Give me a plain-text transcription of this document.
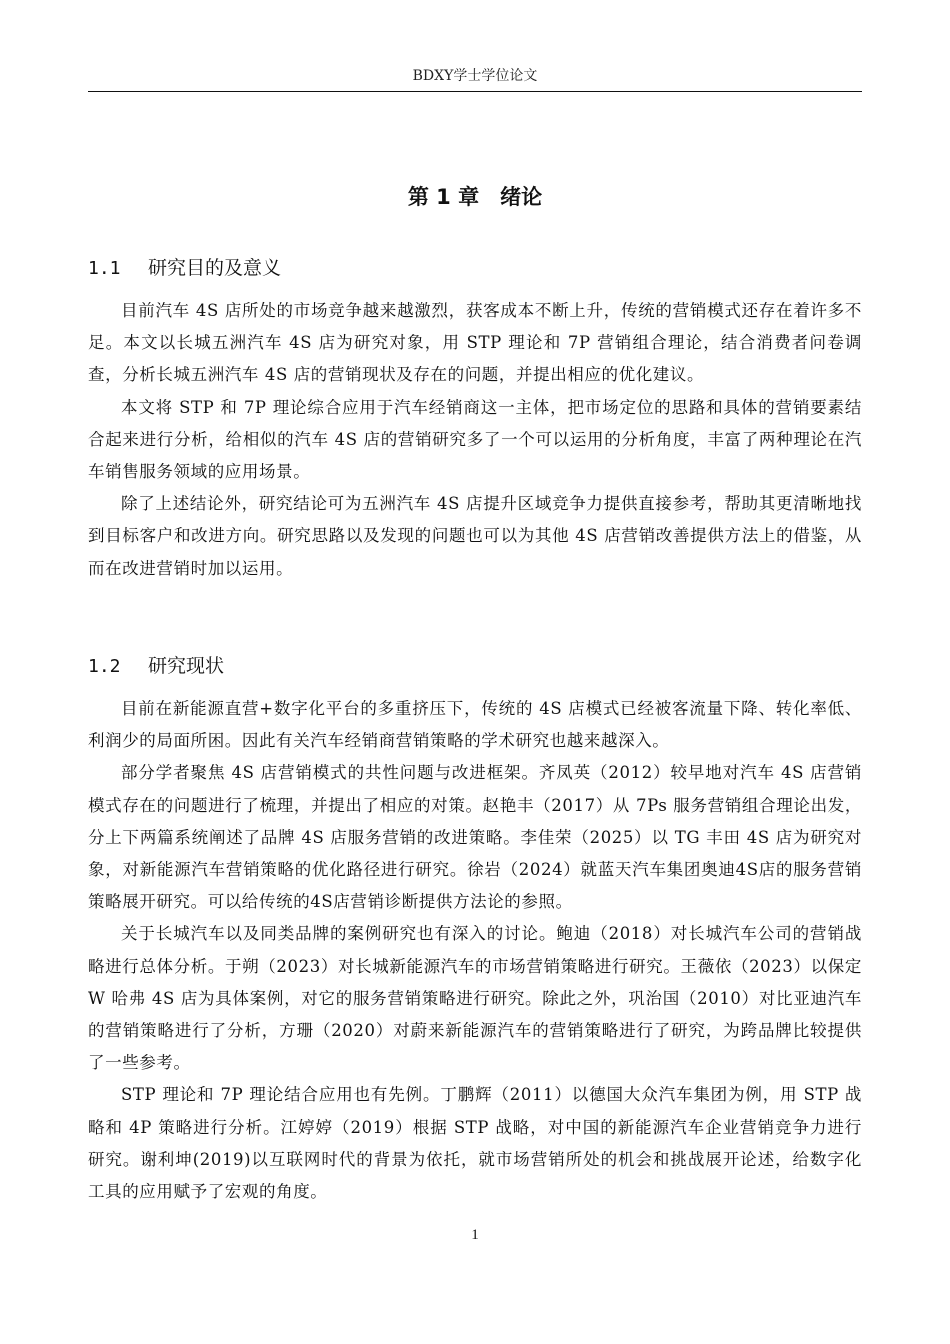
BDXY学士学位论文
第 1 章　绪论
1.1 研究目的及意义

目前汽车 4S 店所处的市场竞争越来越激烈，获客成本不断上升，传统的营销模式还存在着许多不足。本文以长城五洲汽车 4S 店为研究对象，用 STP 理论和 7P 营销组合理论，结合消费者问卷调查，分析长城五洲汽车 4S 店的营销现状及存在的问题，并提出相应的优化建议。

本文将 STP 和 7P 理论综合应用于汽车经销商这一主体，把市场定位的思路和具体的营销要素结合起来进行分析，给相似的汽车 4S 店的营销研究多了一个可以运用的分析角度，丰富了两种理论在汽车销售服务领域的应用场景。

除了上述结论外，研究结论可为五洲汽车 4S 店提升区域竞争力提供直接参考，帮助其更清晰地找到目标客户和改进方向。研究思路以及发现的问题也可以为其他 4S 店营销改善提供方法上的借鉴，从而在改进营销时加以运用。

1.2 研究现状

目前在新能源直营+数字化平台的多重挤压下，传统的 4S 店模式已经被客流量下降、转化率低、利润少的局面所困。因此有关汽车经销商营销策略的学术研究也越来越深入。

部分学者聚焦 4S 店营销模式的共性问题与改进框架。齐凤英（2012）较早地对汽车 4S 店营销模式存在的问题进行了梳理，并提出了相应的对策。赵艳丰（2017）从 7Ps 服务营销组合理论出发，分上下两篇系统阐述了品牌 4S 店服务营销的改进策略。李佳荣（2025）以 TG 丰田 4S 店为研究对象，对新能源汽车营销策略的优化路径进行研究。徐岩（2024）就蓝天汽车集团奥迪4S店的服务营销策略展开研究。可以给传统的4S店营销诊断提供方法论的参照。

关于长城汽车以及同类品牌的案例研究也有深入的讨论。鲍迪（2018）对长城汽车公司的营销战略进行总体分析。于朔（2023）对长城新能源汽车的市场营销策略进行研究。王薇依（2023）以保定 W 哈弗 4S 店为具体案例，对它的服务营销策略进行研究。除此之外，巩治国（2010）对比亚迪汽车的营销策略进行了分析，方珊（2020）对蔚来新能源汽车的营销策略进行了研究，为跨品牌比较提供了一些参考。

STP 理论和 7P 理论结合应用也有先例。丁鹏辉（2011）以德国大众汽车集团为例，用 STP 战略和 4P 策略进行分析。江婷婷（2019）根据 STP 战略，对中国的新能源汽车企业营销竞争力进行研究。谢利坤(2019)以互联网时代的背景为依托，就市场营销所处的机会和挑战展开论述，给数字化工具的应用赋予了宏观的角度。

1
